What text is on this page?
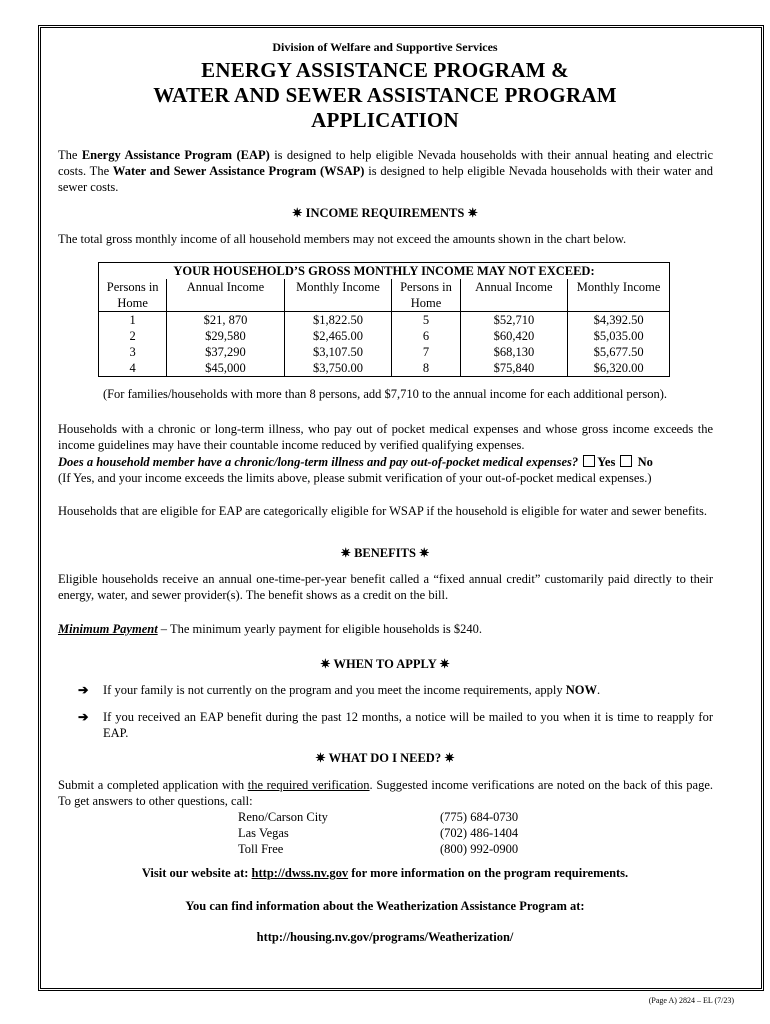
Division of Welfare and Supportive Services
ENERGY ASSISTANCE PROGRAM &
WATER AND SEWER ASSISTANCE PROGRAM
APPLICATION
The Energy Assistance Program (EAP) is designed to help eligible Nevada households with their annual heating and electric costs. The Water and Sewer Assistance Program (WSAP) is designed to help eligible Nevada households with their water and sewer costs.
✷ INCOME REQUIREMENTS ✷
The total gross monthly income of all household members may not exceed the amounts shown in the chart below.
YOUR HOUSEHOLD’S GROSS MONTHLY INCOME MAY NOT EXCEED:					
Persons in Home	Annual Income	Monthly Income	Persons in Home	Annual Income	Monthly Income
1	$21, 870	$1,822.50	5	$52,710	$4,392.50
2	$29,580	$2,465.00	6	$60,420	$5,035.00
3	$37,290	$3,107.50	7	$68,130	$5,677.50
4	$45,000	$3,750.00	8	$75,840	$6,320.00
(For families/households with more than 8 persons, add $7,710 to the annual income for each additional person).
Households with a chronic or long-term illness, who pay out of pocket medical expenses and whose gross income exceeds the income guidelines may have their countable income reduced by verified qualifying expenses.
Does a household member have a chronic/long-term illness and pay out-of-pocket medical expenses? Yes No
(If Yes, and your income exceeds the limits above, please submit verification of your out-of-pocket medical expenses.)
Households that are eligible for EAP are categorically eligible for WSAP if the household is eligible for water and sewer benefits.
✷ BENEFITS ✷
Eligible households receive an annual one-time-per-year benefit called a “fixed annual credit” customarily paid directly to their energy, water, and sewer provider(s). The benefit shows as a credit on the bill.
Minimum Payment – The minimum yearly payment for eligible households is $240.
✷ WHEN TO APPLY ✷
➔ If your family is not currently on the program and you meet the income requirements, apply NOW.
➔ If you received an EAP benefit during the past 12 months, a notice will be mailed to you when it is time to reapply for EAP.
✷ WHAT DO I NEED? ✷
Submit a completed application with the required verification. Suggested income verifications are noted on the back of this page. To get answers to other questions, call:
Reno/Carson City	(775) 684-0730
Las Vegas	(702) 486-1404
Toll Free	(800) 992-0900
Visit our website at: http://dwss.nv.gov for more information on the program requirements.
You can find information about the Weatherization Assistance Program at:
http://housing.nv.gov/programs/Weatherization/
(Page A) 2824 – EL (7/23)
